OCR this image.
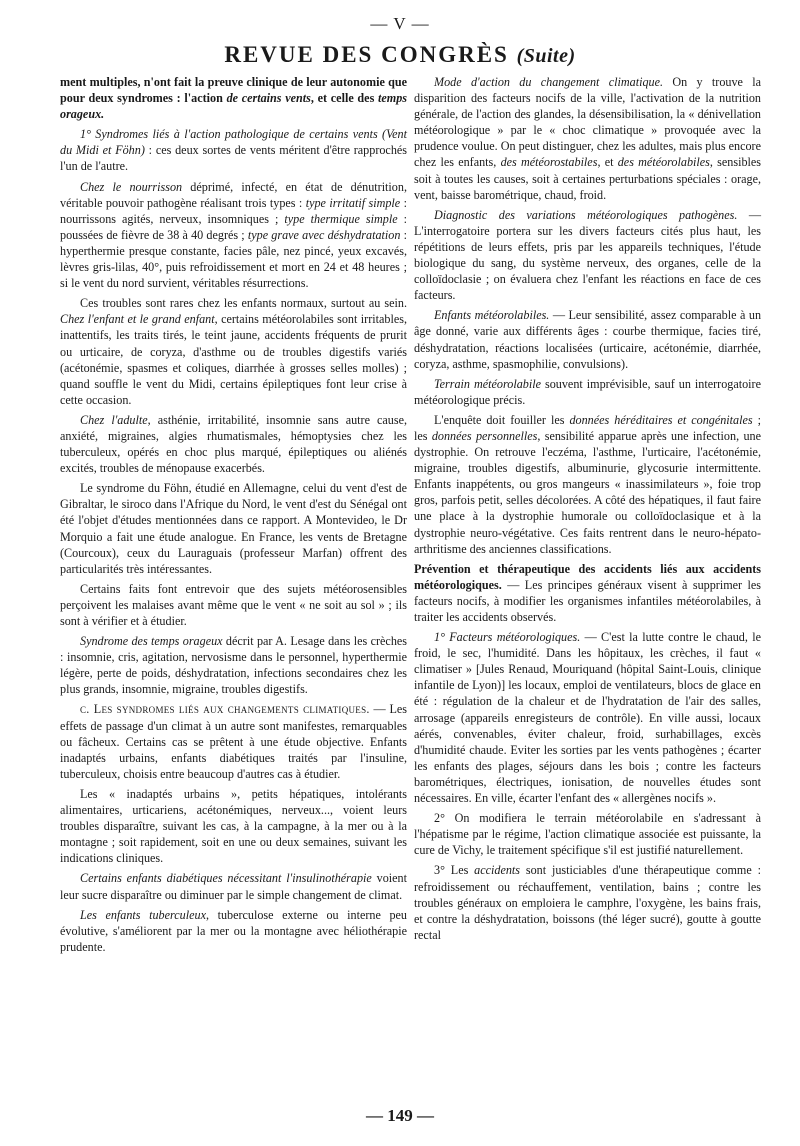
— V —
REVUE DES CONGRÈS (Suite)

ment multiples, n'ont fait la preuve clinique de leur autonomie que pour deux syndromes : l'action de certains vents, et celle des temps orageux.

1° Syndromes liés à l'action pathologique de certains vents (Vent du Midi et Föhn) : ces deux sortes de vents méritent d'être rapprochés l'un de l'autre.

Chez le nourrisson déprimé, infecté, en état de dénutrition, véritable pouvoir pathogène réalisant trois types : type irritatif simple : nourrissons agités, nerveux, insomniques ; type thermique simple : poussées de fièvre de 38 à 40 degrés ; type grave avec déshydratation : hyperthermie presque constante, facies pâle, nez pincé, yeux excavés, lèvres gris-lilas, 40°, puis refroidissement et mort en 24 et 48 heures ; si le vent du nord survient, véritables résurrections.

Ces troubles sont rares chez les enfants normaux, surtout au sein. Chez l'enfant et le grand enfant, certains météorolabiles sont irritables, inattentifs, les traits tirés, le teint jaune, accidents fréquents de prurit ou urticaire, de coryza, d'asthme ou de troubles digestifs variés (acétonémie, spasmes et coliques, diarrhée à grosses selles molles) ; quand souffle le vent du Midi, certains épileptiques font leur crise à cette occasion.

Chez l'adulte, asthénie, irritabilité, insomnie sans autre cause, anxiété, migraines, algies rhumatismales, hémoptysies chez les tuberculeux, opérés en choc plus marqué, épileptiques ou aliénés excités, troubles de ménopause exacerbés.

Le syndrome du Föhn, étudié en Allemagne, celui du vent d'est de Gibraltar, le siroco dans l'Afrique du Nord, le vent d'est du Sénégal ont été l'objet d'études mentionnées dans ce rapport. A Montevideo, le Dr Morquio a fait une étude analogue. En France, les vents de Bretagne (Courcoux), ceux du Lauraguais (professeur Marfan) offrent des particularités très intéressantes.

Certains faits font entrevoir que des sujets météorosensibles perçoivent les malaises avant même que le vent « ne soit au sol » ; ils sont à vérifier et à étudier.

Syndrome des temps orageux décrit par A. Lesage dans les crèches : insomnie, cris, agitation, nervosisme dans le personnel, hyperthermie légère, perte de poids, déshydratation, infections secondaires chez les plus grands, insomnie, migraine, troubles digestifs.

c. Les syndromes liés aux changements climatiques. — Les effets de passage d'un climat à un autre sont manifestes, remarquables ou fâcheux. Certains cas se prêtent à une étude objective. Enfants inadaptés urbains, enfants diabétiques traités par l'insuline, tuberculeux, choisis entre beaucoup d'autres cas à étudier.

Les « inadaptés urbains », petits hépatiques, intolérants alimentaires, urticariens, acétonémiques, nerveux..., voient leurs troubles disparaître, suivant les cas, à la campagne, à la mer ou à la montagne ; soit rapidement, soit en une ou deux semaines, suivant les indications cliniques.

Certains enfants diabétiques nécessitant l'insulinothérapie voient leur sucre disparaître ou diminuer par le simple changement de climat.

Les enfants tuberculeux, tuberculose externe ou interne peu évolutive, s'améliorent par la mer ou la montagne avec héliothérapie prudente.

Mode d'action du changement climatique. On y trouve la disparition des facteurs nocifs de la ville, l'activation de la nutrition générale, de l'action des glandes, la désensibilisation, la « dénivellation météorologique » par le « choc climatique » provoquée avec la prudence voulue. On peut distinguer, chez les adultes, mais plus encore chez les enfants, des météorostabiles, et des météorolabiles, sensibles soit à toutes les causes, soit à certaines perturbations spéciales : orage, vent, baisse barométrique, chaud, froid.

Diagnostic des variations météorologiques pathogènes. — L'interrogatoire portera sur les divers facteurs cités plus haut, les répétitions de leurs effets, pris par les appareils techniques, l'étude biologique du sang, du système nerveux, des organes, celle de la colloïdoclasie ; on évaluera chez l'enfant les réactions en face de ces facteurs.

Enfants météorolabiles. — Leur sensibilité, assez comparable à un âge donné, varie aux différents âges : courbe thermique, facies tiré, déshydratation, réactions localisées (urticaire, acétonémie, diarrhée, coryza, asthme, spasmophilie, convulsions).

Terrain météorolabile souvent imprévisible, sauf un interrogatoire météorologique précis.

L'enquête doit fouiller les données héréditaires et congénitales ; les données personnelles, sensibilité apparue après une infection, une dystrophie. On retrouve l'eczéma, l'asthme, l'urticaire, l'acétonémie, migraine, troubles digestifs, albuminurie, glycosurie intermittente. Enfants inappétents, ou gros mangeurs « inassimilateurs », foie trop gros, parfois petit, selles décolorées. A côté des hépatiques, il faut faire une place à la dystrophie humorale ou colloïdoclasique et à la dystrophie neuro-végétative. Ces faits rentrent dans le neuro-hépato-arthritisme des anciennes classifications.

Prévention et thérapeutique des accidents liés aux accidents météorologiques. — Les principes généraux visent à supprimer les facteurs nocifs, à modifier les organismes infantiles météorolabiles, à traiter les accidents observés.

1° Facteurs météorologiques. — C'est la lutte contre le chaud, le froid, le sec, l'humidité. Dans les hôpitaux, les crèches, il faut « climatiser » [Jules Renaud, Mouriquand (hôpital Saint-Louis, clinique infantile de Lyon)] les locaux, emploi de ventilateurs, blocs de glace en été : régulation de la chaleur et de l'hydratation de l'air des salles, arrosage (appareils enregisteurs de contrôle). En ville aussi, locaux aérés, convenables, éviter chaleur, froid, surhabillages, excès d'humidité chaude. Eviter les sorties par les vents pathogènes ; écarter les enfants des plages, séjours dans les bois ; contre les facteurs barométriques, électriques, ionisation, de nouvelles études sont nécessaires. En ville, écarter l'enfant des « allergènes nocifs ».

2° On modifiera le terrain météorolabile en s'adressant à l'hépatisme par le régime, l'action climatique associée est puissante, la cure de Vichy, le traitement spécifique s'il est justifié naturellement.

3° Les accidents sont justiciables d'une thérapeutique comme : refroidissement ou réchauffement, ventilation, bains ; contre les troubles généraux on emploiera le camphre, l'oxygène, les bains frais, et contre la déshydratation, boissons (thé léger sucré), goutte à goutte rectal

— 149 —
